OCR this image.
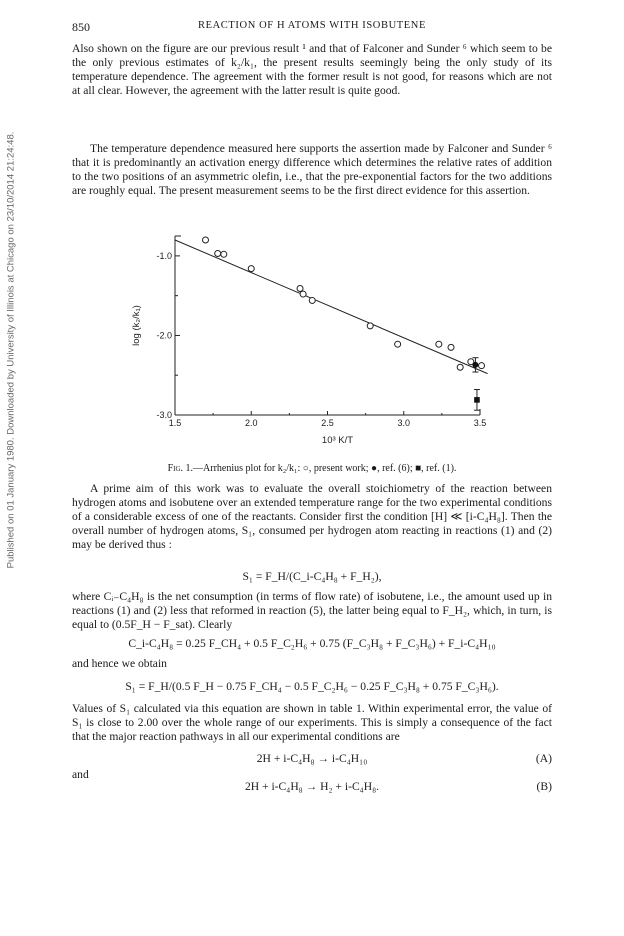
Published on 01 January 1980. Downloaded by University of Illinois at Chicago on 23/10/2014 21:24:48.
850	REACTION OF H ATOMS WITH ISOBUTENE

Also shown on the figure are our previous result ¹ and that of Falconer and Sunder ⁶ which seem to be the only previous estimates of k₂/k₁, the present results seemingly being the only study of its temperature dependence. The agreement with the former result is not good, for reasons which are not at all clear. However, the agreement with the latter result is quite good.

The temperature dependence measured here supports the assertion made by Falconer and Sunder ⁶ that it is predominantly an activation energy difference which determines the relative rates of addition to the two positions of an asymmetric olefin, i.e., that the pre-exponential factors for the two additions are roughly equal. The present measurement seems to be the first direct evidence for this assertion.

1.5	2.0	2.5	3.0	3.5
-1.0
-2.0
-3.0
10³ K/T
log (k₂/k₁)
Fig. 1.—Arrhenius plot for k₂/k₁: ○, present work; ●, ref. (6); ■, ref. (1).

A prime aim of this work was to evaluate the overall stoichiometry of the reaction between hydrogen atoms and isobutene over an extended temperature range for the two experimental conditions of a considerable excess of one of the reactants. Consider first the condition [H] ≪ [i-C₄H₈]. Then the overall number of hydrogen atoms, S₁, consumed per hydrogen atom reacting in reactions (1) and (2) may be derived thus :

S₁ = F_H/(C_i-C₄H₈ + F_H₂),

where Cᵢ₋C₄H₈ is the net consumption (in terms of flow rate) of isobutene, i.e., the amount used up in reactions (1) and (2) less that reformed in reaction (5), the latter being equal to F_H₂, which, in turn, is equal to (0.5F_H − F_sat). Clearly

C_i-C₄H₈ = 0.25 F_CH₄ + 0.5 F_C₂H₆ + 0.75 (F_C₃H₈ + F_C₃H₆) + F_i-C₄H₁₀

and hence we obtain

S₁ = F_H/(0.5 F_H − 0.75 F_CH₄ − 0.5 F_C₂H₆ − 0.25 F_C₃H₈ + 0.75 F_C₃H₆).

Values of S₁ calculated via this equation are shown in table 1. Within experimental error, the value of S₁ is close to 2.00 over the whole range of our experiments. This is simply a consequence of the fact that the major reaction pathways in all our experimental conditions are

2H + i-C₄H₈ → i-C₄H₁₀	(A)

and

2H + i-C₄H₈ → H₂ + i-C₄H₈.	(B)
